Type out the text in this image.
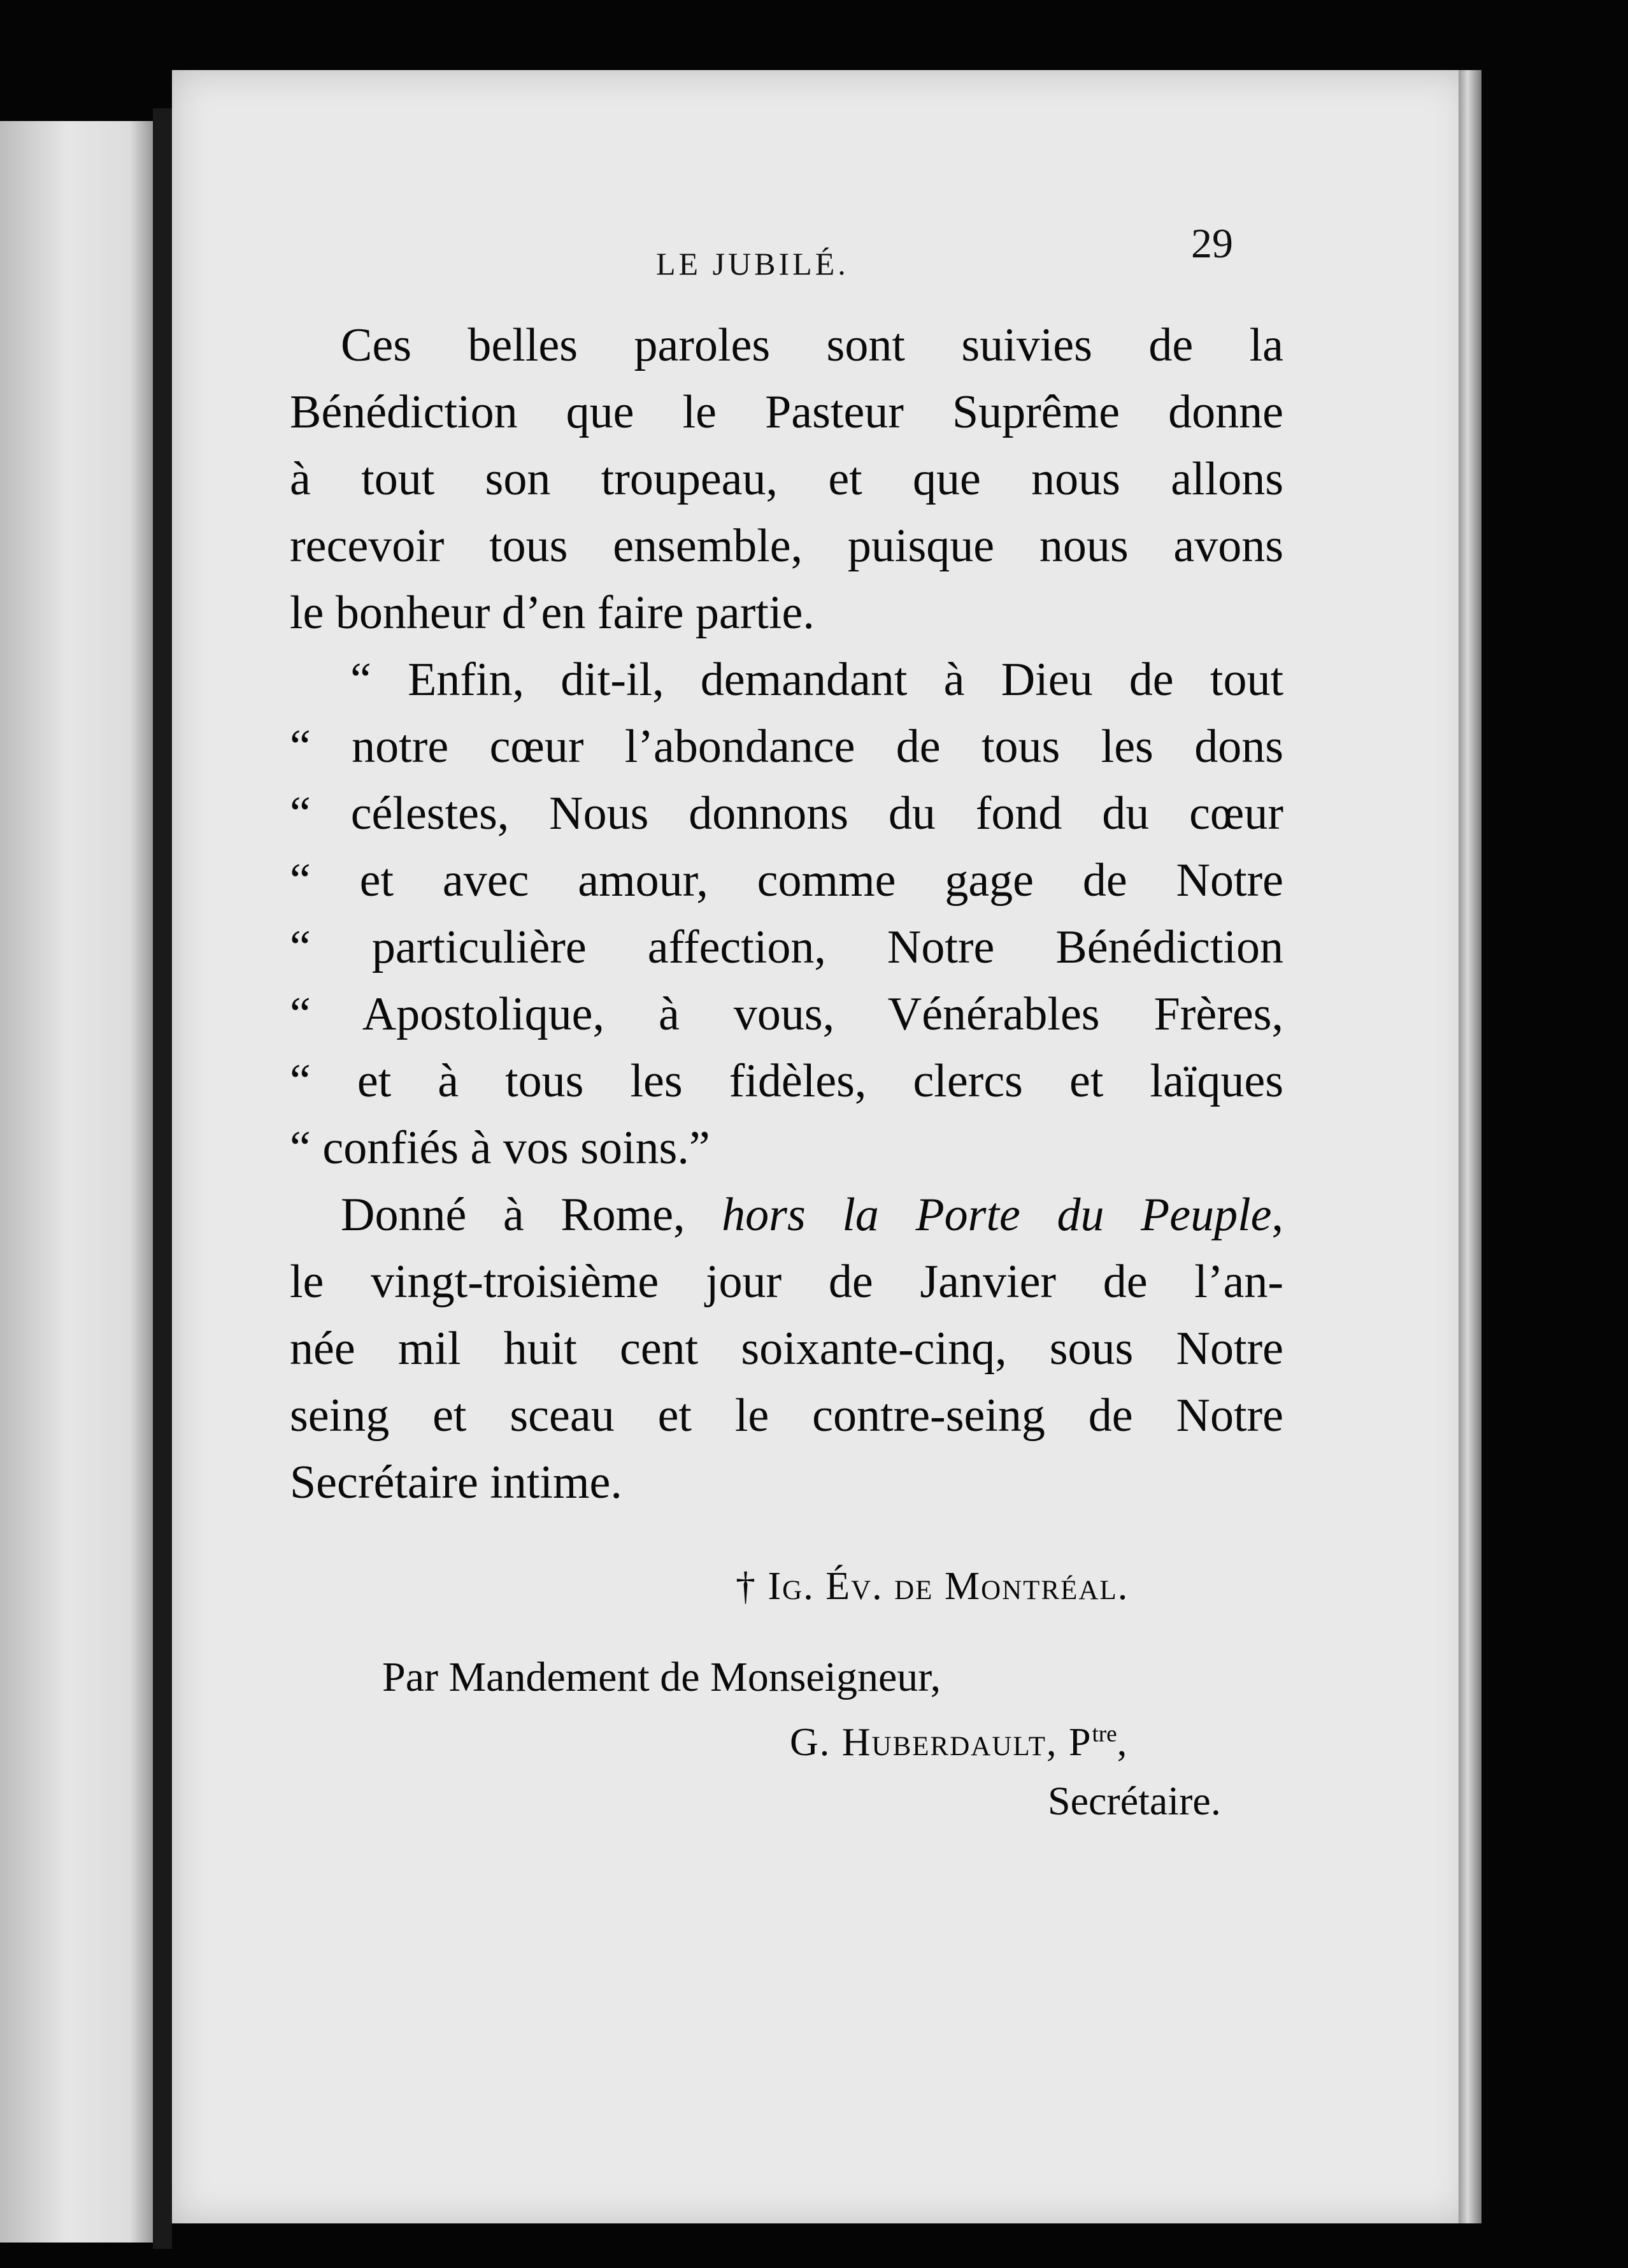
LE JUBILÉ.	29
Ces belles paroles sont suivies de la
Bénédiction que le Pasteur Suprême donne
à tout son troupeau, et que nous allons
recevoir tous ensemble, puisque nous avons
le bonheur d’en faire partie.
“ Enfin, dit-il, demandant à Dieu de tout
“ notre cœur l’abondance de tous les dons
“ célestes, Nous donnons du fond du cœur
“ et avec amour, comme gage de Notre
“ particulière affection, Notre Bénédiction
“ Apostolique, à vous, Vénérables Frères,
“ et à tous les fidèles, clercs et laïques
“ confiés à vos soins.”
Donné à Rome, hors la Porte du Peuple,
le vingt-troisième jour de Janvier de l’an-
née mil huit cent soixante-cinq, sous Notre
seing et sceau et le contre-seing de Notre
Secrétaire intime.
† Ig. Év. de Montréal.
Par Mandement de Monseigneur,
G. Huberdault, $P^{tre}$,
Secrétaire.
